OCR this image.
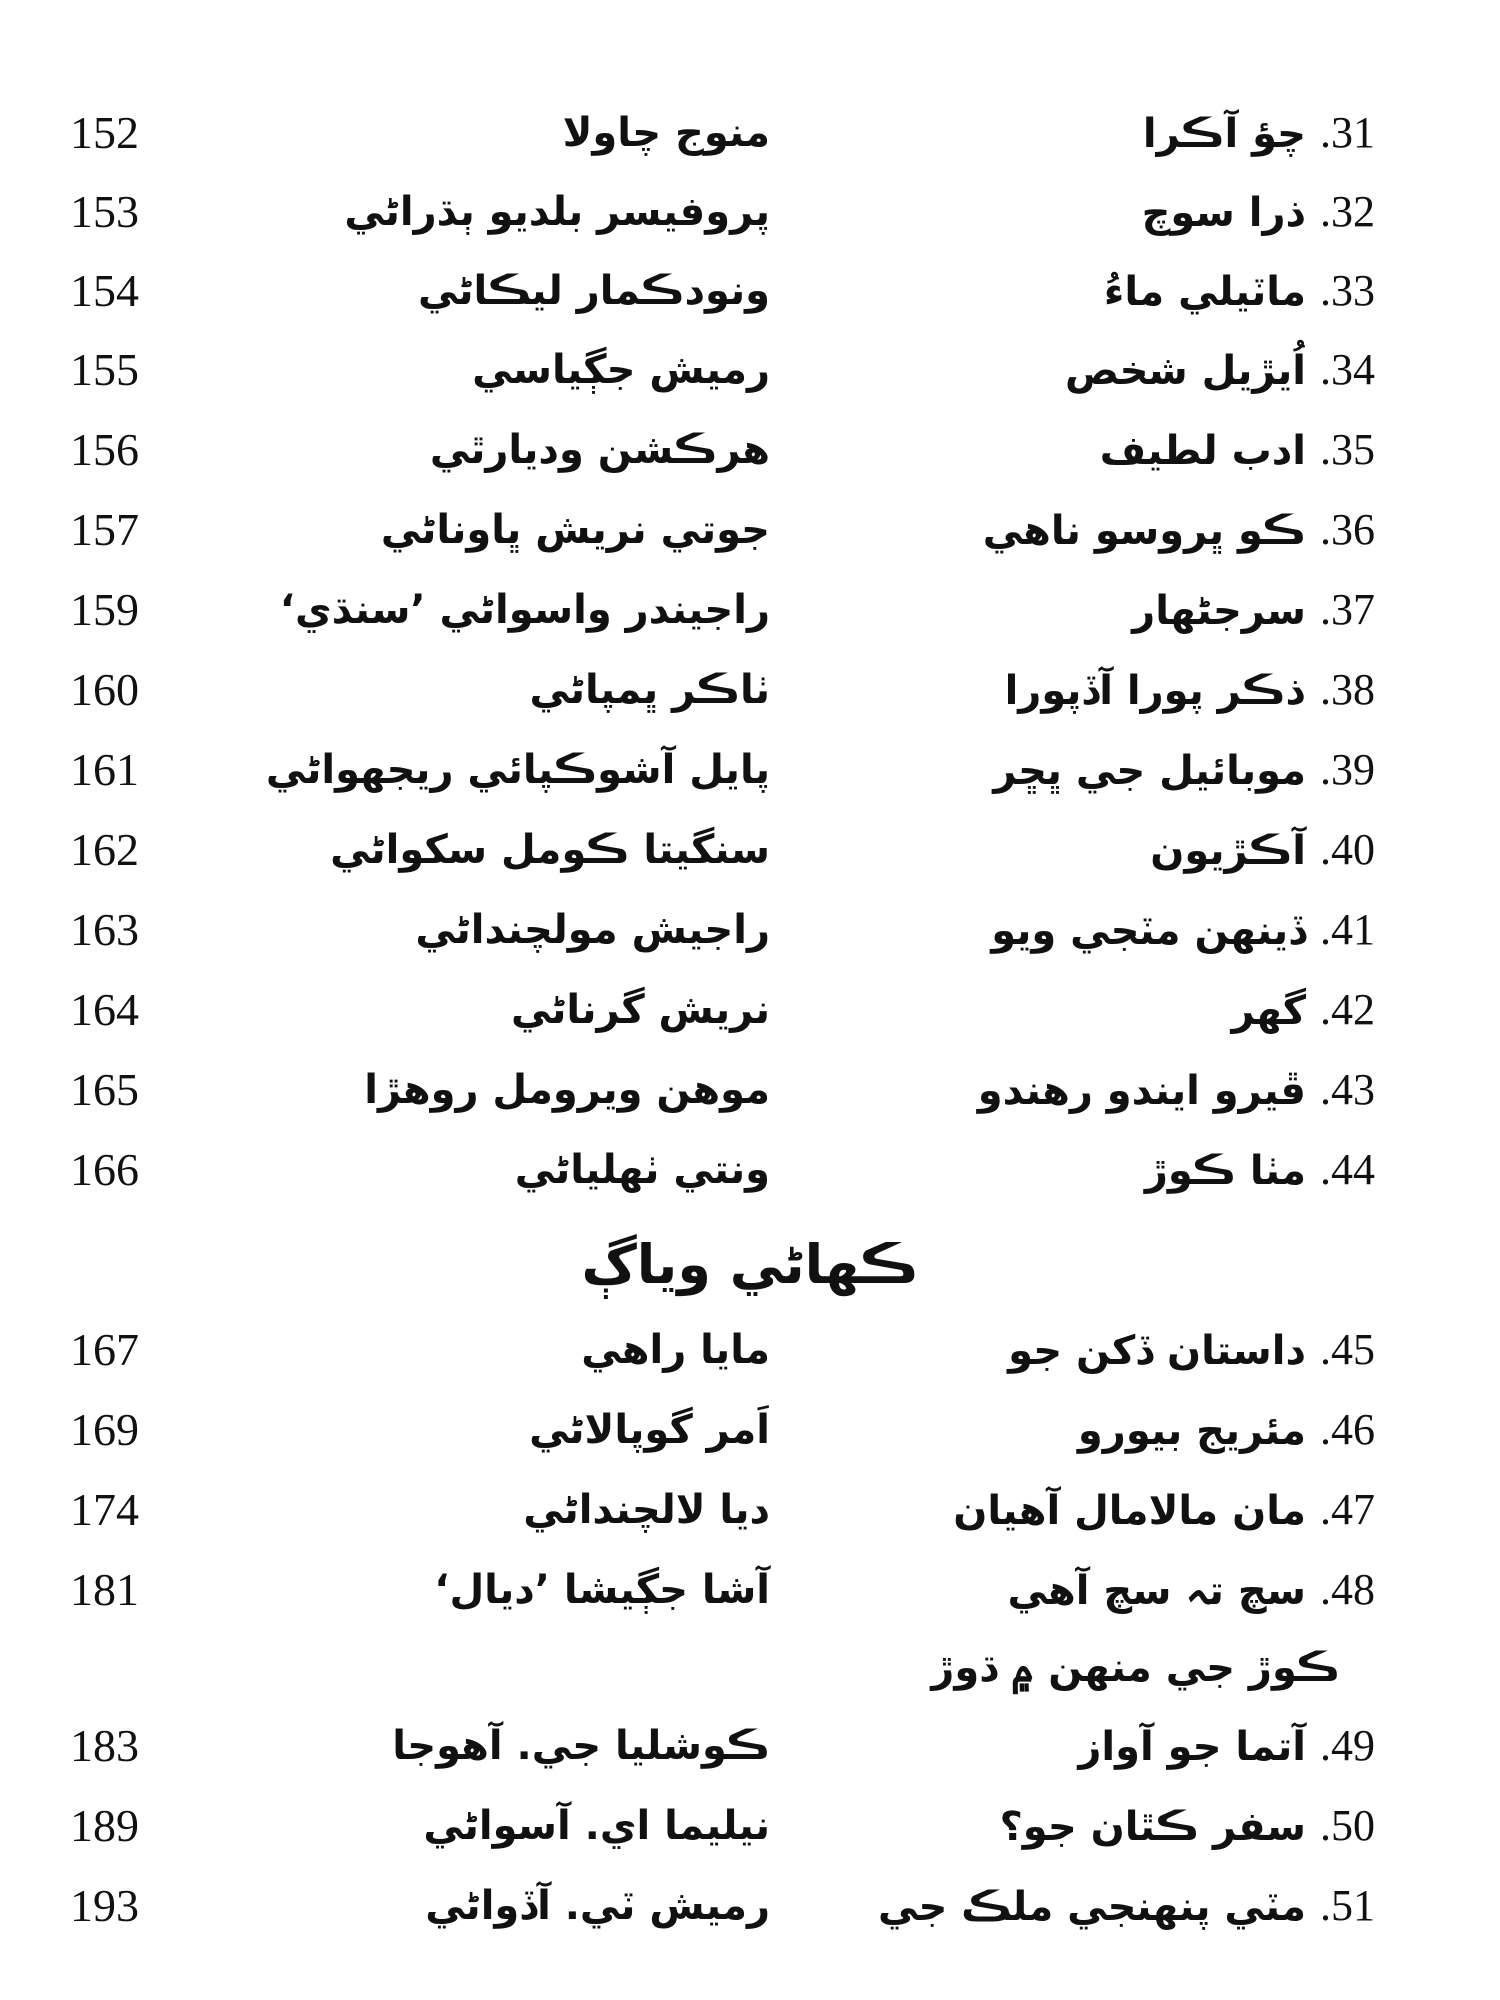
152	منوج چاولا	.31چؤ آڪرا
153	پروفيسر بلديو ٻڌراڻي	.32ذرا سوچ
154	ونودڪمار ليڪاڻي	.33ماٽيلي ماءُ
155	رميش جڳياسي	.34اُيڙيل شخص
156	هرڪشن وديارٿي	.35ادب لطيف
157	جوتي نريش ڀاوناڻي	.36ڪو ڀروسو ناهي
159	راجيندر واسواڻي ’سنڌي‘	.37سرجڻهار
160	ٺاڪر ڀمپاڻي	.38ذڪر پورا آڏپورا
161	پايل آشوڪپائي ريجهواڻي	.39موبائيل جي ڀڇر
162	سنگيتا ڪومل سکواڻي	.40آڪڙيون
163	راجيش مولچنداڻي	.41ڏينهن مٽجي ويو
164	نريش گرناڻي	.42گهر
165	موهن ويرومل روهڙا	.43ڦيرو ايندو رهندو
166	ونتي ٺهلياڻي	.44مٺا ڪوڙ
ڪهاڻي وياڳ
167	مايا راهي	.45داستان ڏکن جو
169	اَمر گوپالاڻي	.46مئريج بيورو
174	ديا لالچنداڻي	.47مان مالامال آهيان
181	آشا جڳيشا ’ديال‘	.48سچ تہ سچ آهي
ڪوڙ جي منهن ۾ ڌوڙ
183	ڪوشليا جي. آهوجا	.49آتما جو آواز
189	نيليما اي. آسواڻي	.50سفر ڪٿان جو؟
193	رميش ٽي. آڏواڻي	.51مٽي پنهنجي ملڪ جي
